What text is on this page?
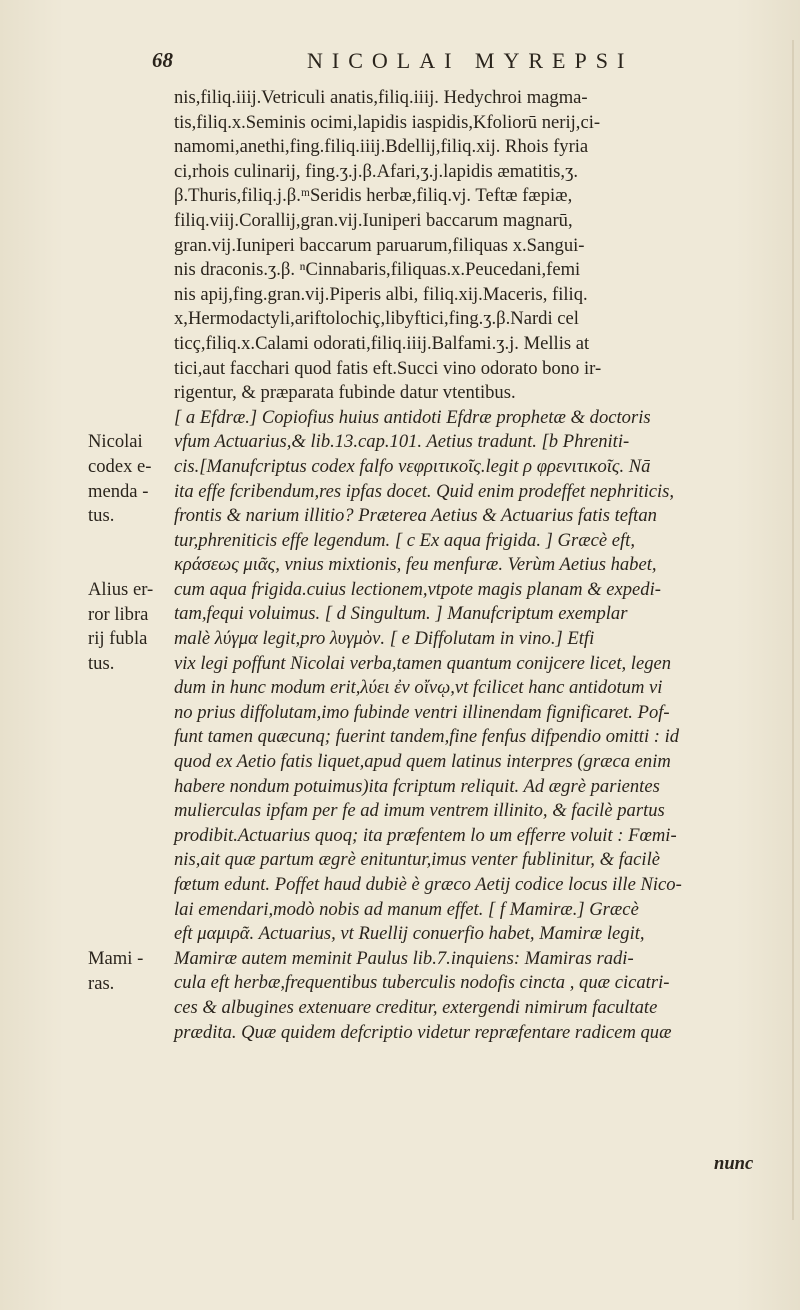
68	NICOLAI MYREPSI
nis,filiq.iiij.Vetriculi anatis,filiq.iiij. Hedychroi magma-
tis,filiq.x.Seminis ocimi,lapidis iaspidis,Kfoliorū nerij,ci-
namomi,anethi,fing.filiq.iiij.Bdellij,filiq.xij. Rhois fyria
ci,rhois culinarij, fing.ʒ.j.β.Afari,ʒ.j.lapidis æmatitis,ʒ.
β.Thuris,filiq.j.β.ᵐSeridis herbæ,filiq.vj. Teftæ fæpiæ,
filiq.viij.Corallij,gran.vij.Iuniperi baccarum magnarū,
gran.vij.Iuniperi baccarum paruarum,filiquas x.Sangui-
nis draconis.ʒ.β. ⁿCinnabaris,filiquas.x.Peucedani,femi
nis apij,fing.gran.vij.Piperis albi, filiq.xij.Maceris, filiq.
x,Hermodactyli,ariftolochiç,libyftici,fing.ʒ.β.Nardi cel
ticç,filiq.x.Calami odorati,filiq.iiij.Balfami.ʒ.j. Mellis at
tici,aut facchari quod fatis eft.Succi vino odorato bono ir-
rigentur, & præparata fubinde datur vtentibus.
[ a Efdræ.] Copiofius huius antidoti Efdræ prophetæ & doctoris
vfum Actuarius,& lib.13.cap.101. Aetius tradunt. [b Phreniti-
cis.[Manufcriptus codex falfo νεφριτικοῖς.legit ρ φρενιτικοῖς. Nā
ita effe fcribendum,res ipfas docet. Quid enim prodeffet nephriticis,
frontis & narium illitio? Præterea Aetius & Actuarius fatis teftan
tur,phreniticis effe legendum. [ c Ex aqua frigida. ] Græcè eft,
κράσεως μιᾶς, vnius mixtionis, feu menfuræ. Verùm Aetius habet,
cum aqua frigida.cuius lectionem,vtpote magis planam & expedi-
tam,fequi voluimus. [ d Singultum. ] Manufcriptum exemplar
malè λύγμα legit,pro λυγμὸν. [ e Diffolutam in vino.] Etfi
vix legi poffunt Nicolai verba,tamen quantum conijcere licet, legen
dum in hunc modum erit,λύει ἐν οἴνῳ,vt fcilicet hanc antidotum vi
no prius diffolutam,imo fubinde ventri illinendam fignificaret. Pof-
funt tamen quæcunq; fuerint tandem,fine fenfus difpendio omitti : id
quod ex Aetio fatis liquet,apud quem latinus interpres (græca enim
habere nondum potuimus)ita fcriptum reliquit. Ad ægrè parientes
mulierculas ipfam per fe ad imum ventrem illinito, & facilè partus
prodibit.Actuarius quoq; ita præfentem lo um efferre voluit : Fœmi-
nis,ait quæ partum ægrè enituntur,imus venter fublinitur, & facilè
fœtum edunt. Poffet haud dubiè è græco Aetij codice locus ille Nico-
lai emendari,modò nobis ad manum effet. [ f Mamiræ.] Græcè
eft μαμιρᾶ. Actuarius, vt Ruellij conuerfio habet, Mamiræ legit,
Mamiræ autem meminit Paulus lib.7.inquiens: Mamiras radi-
cula eft herbæ,frequentibus tuberculis nodofis cincta , quæ cicatri-
ces & albugines extenuare creditur, extergendi nimirum facultate
prædita. Quæ quidem defcriptio videtur repræfentare radicem quæ
Nicolai
codex e-
menda -
tus.
Alius er-
ror libra
rij fubla
tus.
Mami -
ras.
nunc
